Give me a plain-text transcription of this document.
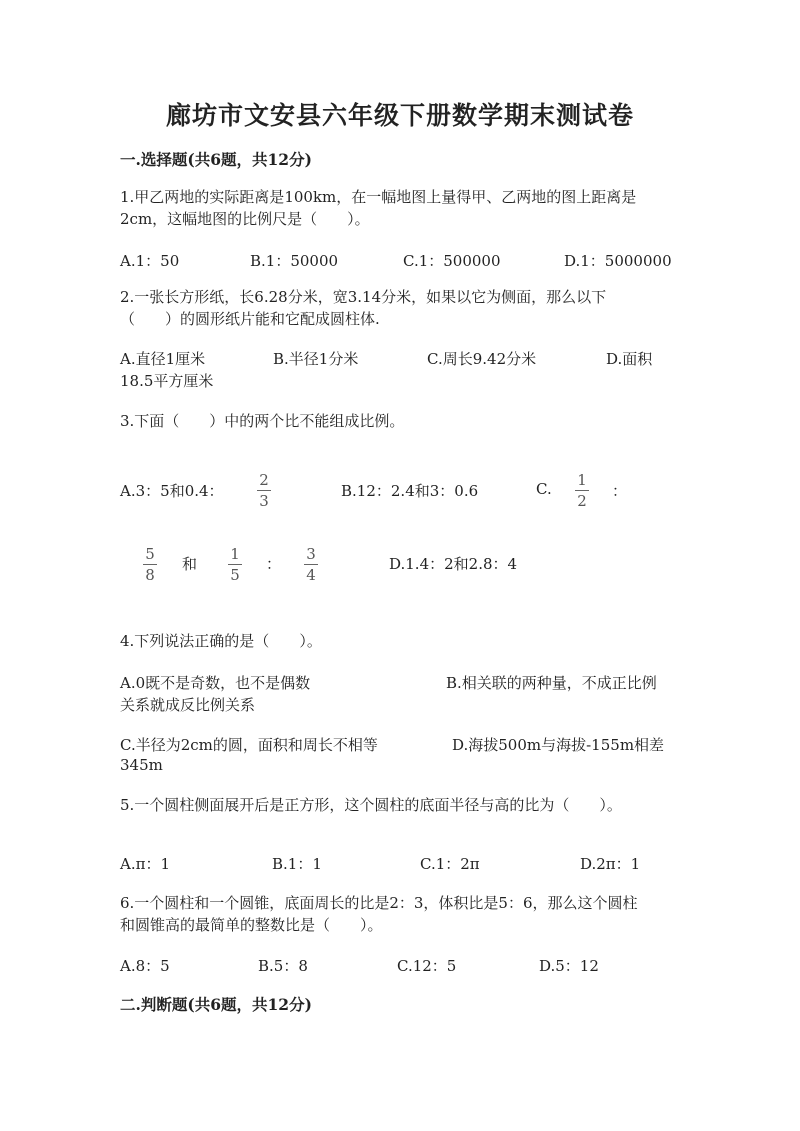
廊坊市文安县六年级下册数学期末测试卷
一.选择题(共6题，共12分)
1.甲乙两地的实际距离是100km，在一幅地图上量得甲、乙两地的图上距离是
2cm，这幅地图的比例尺是（　　）。
A.1：50	B.1：50000	C.1：500000	D.1：5000000
2.一张长方形纸，长6.28分米，宽3.14分米，如果以它为侧面，那么以下
（　　）的圆形纸片能和它配成圆柱体.
A.直径1厘米	B.半径1分米	C.周长9.42分米	D.面积
18.5平方厘米
3.下面（　　）中的两个比不能组成比例。
A.3：5和0.4：
2
3
B.12：2.4和3：0.6	C. 1
2
：
5
8
和
1
5
：
3
4
D.1.4：2和2.8：4
4.下列说法正确的是（　　）。
A.0既不是奇数，也不是偶数	B.相关联的两种量，不成正比例
关系就成反比例关系
C.半径为2cm的圆，面积和周长不相等	D.海拔500m与海拔-155m相差
345m
5.一个圆柱侧面展开后是正方形，这个圆柱的底面半径与高的比为（　　）。
A.π：1	B.1：1	C.1：2π	D.2π：1
6.一个圆柱和一个圆锥，底面周长的比是2：3，体积比是5：6，那么这个圆柱
和圆锥高的最简单的整数比是（　　）。
A.8：5	B.5：8	C.12：5	D.5：12
二.判断题(共6题，共12分)
